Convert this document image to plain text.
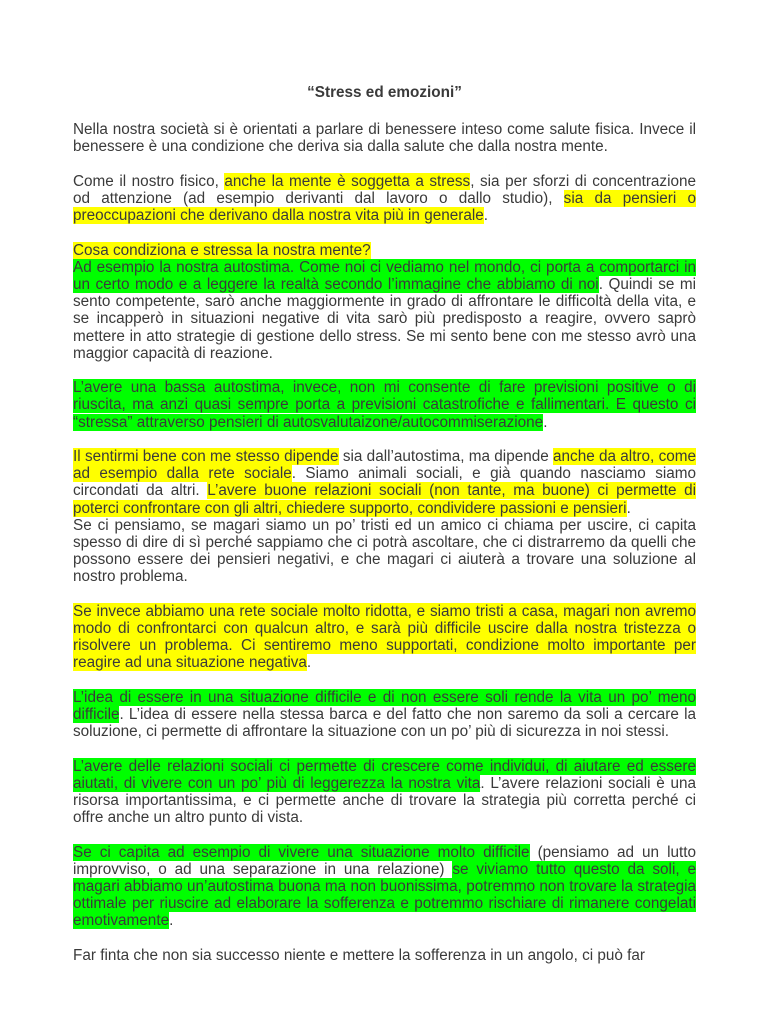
“Stress ed emozioni”

Nella nostra società si è orientati a parlare di benessere inteso come salute fisica. Invece il benessere è una condizione che deriva sia dalla salute che dalla nostra mente.

Come il nostro fisico, anche la mente è soggetta a stress, sia per sforzi di concentrazione od attenzione (ad esempio derivanti dal lavoro o dallo studio), sia da pensieri o preoccupazioni che derivano dalla nostra vita più in generale.

Cosa condiziona e stressa la nostra mente?

Ad esempio la nostra autostima. Come noi ci vediamo nel mondo, ci porta a comportarci in un certo modo e a leggere la realtà secondo l’immagine che abbiamo di noi. Quindi se mi sento competente, sarò anche maggiormente in grado di affrontare le difficoltà della vita, e se incapperò in situazioni negative di vita sarò più predisposto a reagire, ovvero saprò mettere in atto strategie di gestione dello stress. Se mi sento bene con me stesso avrò una maggior capacità di reazione.

L’avere una bassa autostima, invece, non mi consente di fare previsioni positive o di riuscita, ma anzi quasi sempre porta a previsioni catastrofiche e fallimentari. E questo ci “stressa” attraverso pensieri di autosvalutaizone/autocommiserazione.

Il sentirmi bene con me stesso dipende sia dall’autostima, ma dipende anche da altro, come ad esempio dalla rete sociale. Siamo animali sociali, e già quando nasciamo siamo circondati da altri. L’avere buone relazioni sociali (non tante, ma buone) ci permette di poterci confrontare con gli altri, chiedere supporto, condividere passioni e pensieri.

Se ci pensiamo, se magari siamo un po’ tristi ed un amico ci chiama per uscire, ci capita spesso di dire di sì perché sappiamo che ci potrà ascoltare, che ci distrarremo da quelli che possono essere dei pensieri negativi, e che magari ci aiuterà a trovare una soluzione al nostro problema.

Se invece abbiamo una rete sociale molto ridotta, e siamo tristi a casa, magari non avremo modo di confrontarci con qualcun altro, e sarà più difficile uscire dalla nostra tristezza o risolvere un problema. Ci sentiremo meno supportati, condizione molto importante per reagire ad una situazione negativa.

L’idea di essere in una situazione difficile e di non essere soli rende la vita un po’ meno difficile. L’idea di essere nella stessa barca e del fatto che non saremo da soli a cercare la soluzione, ci permette di affrontare la situazione con un po’ più di sicurezza in noi stessi.

L’avere delle relazioni sociali ci permette di crescere come individui, di aiutare ed essere aiutati, di vivere con un po’ più di leggerezza la nostra vita. L’avere relazioni sociali è una risorsa importantissima, e ci permette anche di trovare la strategia più corretta perché ci offre anche un altro punto di vista.

Se ci capita ad esempio di vivere una situazione molto difficile (pensiamo ad un lutto improvviso, o ad una separazione in una relazione) se viviamo tutto questo da soli, e magari abbiamo un’autostima buona ma non buonissima, potremmo non trovare la strategia ottimale per riuscire ad elaborare la sofferenza e potremmo rischiare di rimanere congelati emotivamente.

Far finta che non sia successo niente e mettere la sofferenza in un angolo, ci può far
